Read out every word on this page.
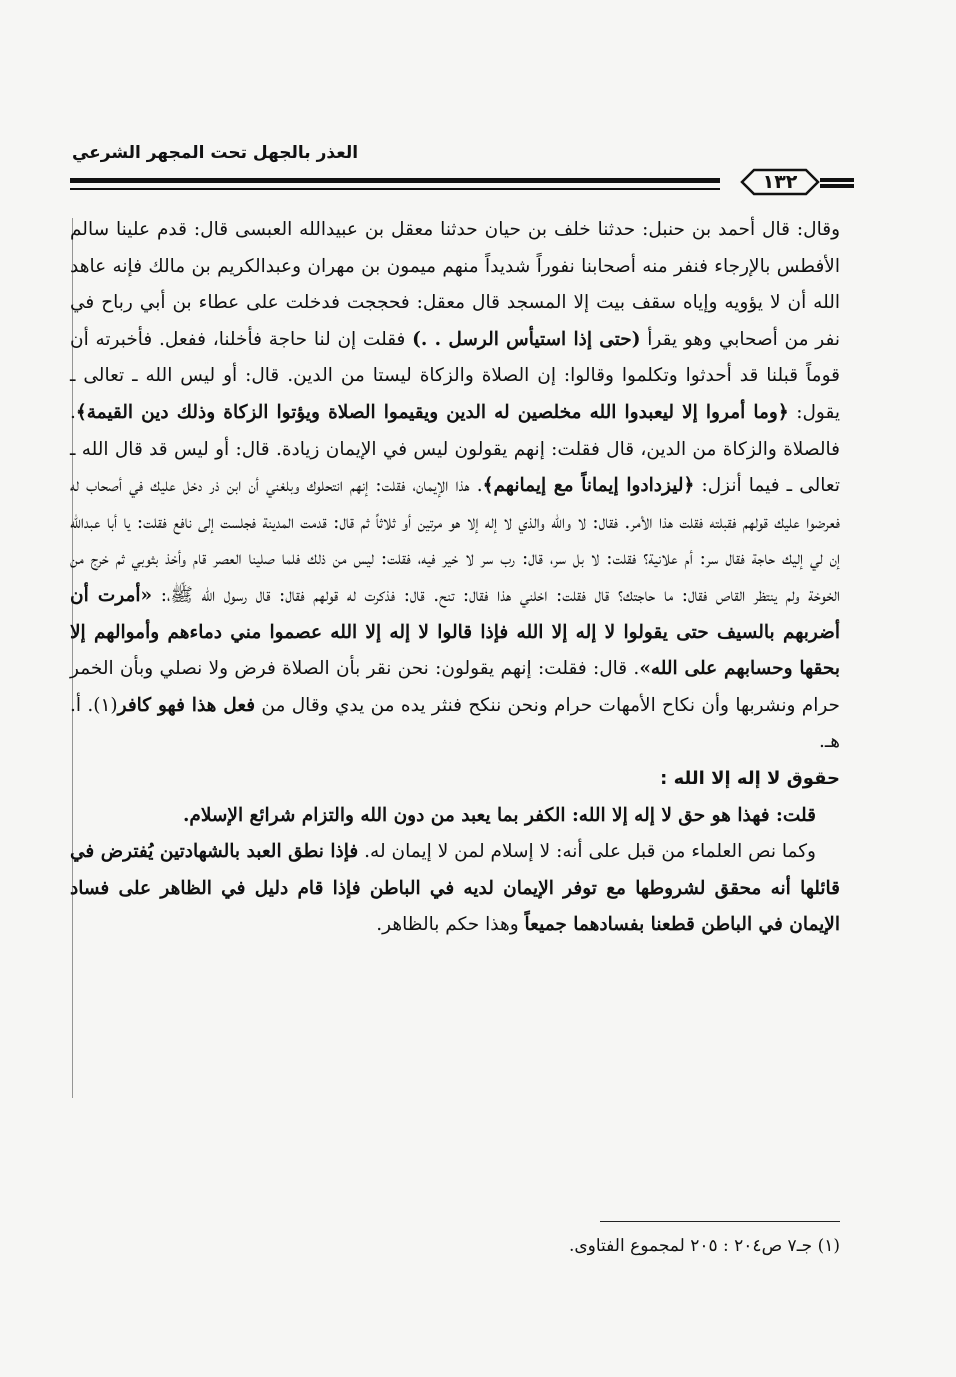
العذر بالجهل تحت المجهر الشرعي
١٣٢

وقال: قال أحمد بن حنبل: حدثنا خلف بن حيان حدثنا معقل بن عبيدالله العبسى قال: قدم علينا سالم الأفطس بالإرجاء فنفر منه أصحابنا نفوراً شديداً منهم ميمون بن مهران وعبدالكريم بن مالك فإنه عاهد الله أن لا يؤويه وإياه سقف بيت إلا المسجد قال معقل: فحججت فدخلت على عطاء بن أبي رباح في نفر من أصحابي وهو يقرأ (حتى إذا استيأس الرسل . .) فقلت إن لنا حاجة فأخلنا، ففعل. فأخبرته أن قوماً قبلنا قد أحدثوا وتكلموا وقالوا: إن الصلاة والزكاة ليستا من الدين. قال: أو ليس الله ـ تعالى ـ يقول: ﴿وما أمروا إلا ليعبدوا الله مخلصين له الدين ويقيموا الصلاة ويؤتوا الزكاة وذلك دين القيمة﴾. فالصلاة والزكاة من الدين، قال فقلت: إنهم يقولون ليس في الإيمان زيادة. قال: أو ليس قد قال الله ـ تعالى ـ فيما أنزل: ﴿ليزدادوا إيماناً مع إيمانهم﴾. هذا الإيمان، فقلت: إنهم انتحلوك وبلغني أن ابن ذر دخل عليك في أصحاب له فعرضوا عليك قولهم فقبلته فقلت هذا الأمر. فقال: لا والله والذي لا إله إلا هو مرتين أو ثلاثاً ثم قال: قدمت المدينة فجلست إلى نافع فقلت: يا أبا عبدالله إن لي إليك حاجة فقال سر: أم علانية؟ فقلت: لا بل سر، قال: رب سر لا خير فيه، فقلت: ليس من ذلك فلما صلينا العصر قام وأخذ بثوبي ثم خرج من الخوخة ولم ينتظر القاص فقال: ما حاجتك؟ قال فقلت: اخلني هذا فقال: تنح. قال: فذكرت له قولهم فقال: قال رسول الله ﷺ،: «أمرت أن أضربهم بالسيف حتى يقولوا لا إله إلا الله فإذا قالوا لا إله إلا الله عصموا مني دماءهم وأموالهم إلا بحقها وحسابهم على الله». قال: فقلت: إنهم يقولون: نحن نقر بأن الصلاة فرض ولا نصلي وبأن الخمر حرام ونشربها وأن نكاح الأمهات حرام ونحن ننكح فنثر يده من يدي وقال من فعل هذا فهو كافر(١). أ. هـ.

حقوق لا إله إلا الله :

قلت: فهذا هو حق لا إله إلا الله: الكفر بما يعبد من دون الله والتزام شرائع الإسلام.

وكما نص العلماء من قبل على أنه: لا إسلام لمن لا إيمان له. فإذا نطق العبد بالشهادتين يُفترض في قائلها أنه محقق لشروطها مع توفر الإيمان لديه في الباطن فإذا قام دليل في الظاهر على فساد الإيمان في الباطن قطعنا بفسادهما جميعاً وهذا حكم بالظاهر.

(١) جـ٧ ص٢٠٤ : ٢٠٥ لمجموع الفتاوى.
